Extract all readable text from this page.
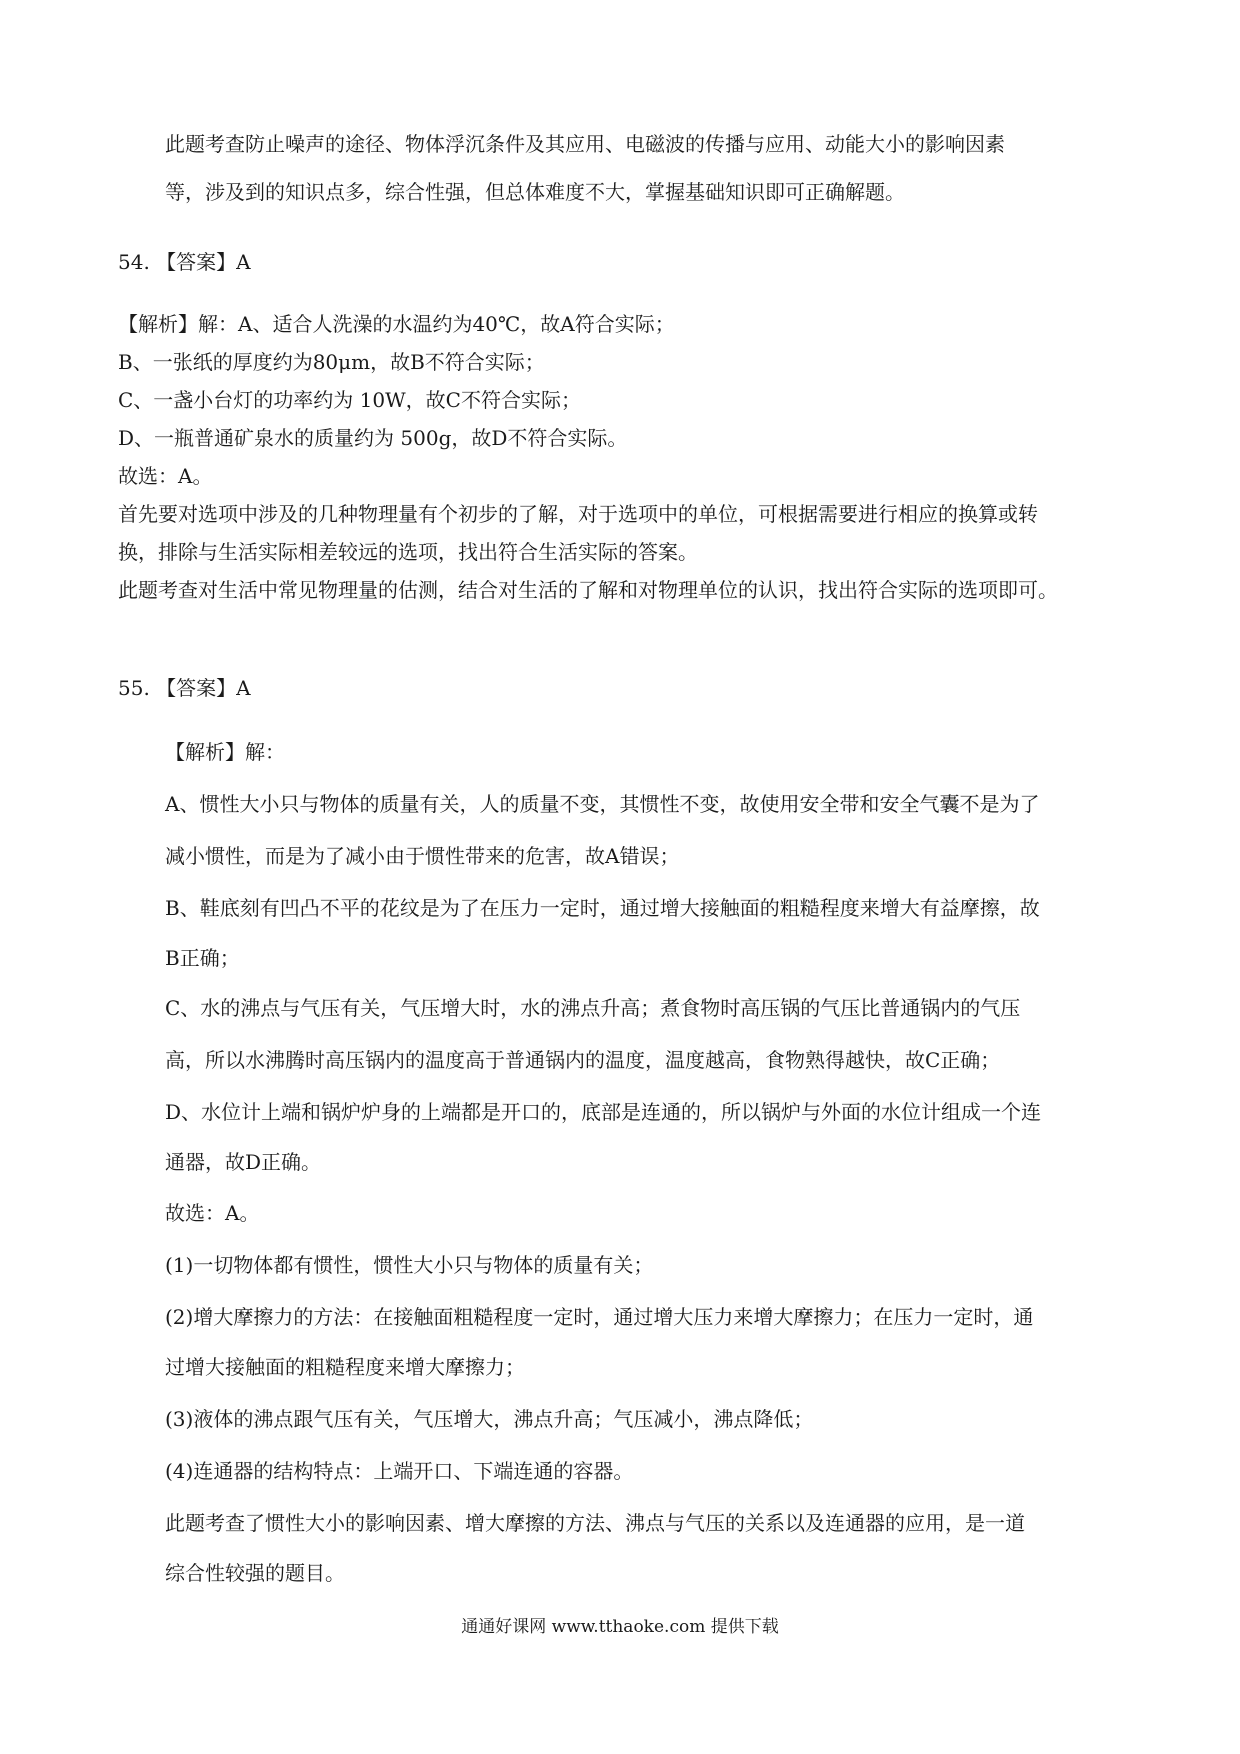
此题考查防止噪声的途径、物体浮沉条件及其应用、电磁波的传播与应用、动能大小的影响因素
等，涉及到的知识点多，综合性强，但总体难度不大，掌握基础知识即可正确解题。
54. 【答案】A
【解析】解：A、适合人洗澡的水温约为40℃，故A符合实际；
B、一张纸的厚度约为80μm，故B不符合实际；
C、一盏小台灯的功率约为 10W，故C不符合实际；
D、一瓶普通矿泉水的质量约为 500g，故D不符合实际。
故选：A。
首先要对选项中涉及的几种物理量有个初步的了解，对于选项中的单位，可根据需要进行相应的换算或转
换，排除与生活实际相差较远的选项，找出符合生活实际的答案。
此题考查对生活中常见物理量的估测，结合对生活的了解和对物理单位的认识，找出符合实际的选项即可。
55. 【答案】A
【解析】解：
A、惯性大小只与物体的质量有关，人的质量不变，其惯性不变，故使用安全带和安全气囊不是为了
减小惯性，而是为了减小由于惯性带来的危害，故A错误；
B、鞋底刻有凹凸不平的花纹是为了在压力一定时，通过增大接触面的粗糙程度来增大有益摩擦，故
B正确；
C、水的沸点与气压有关，气压增大时，水的沸点升高；煮食物时高压锅的气压比普通锅内的气压
高，所以水沸腾时高压锅内的温度高于普通锅内的温度，温度越高，食物熟得越快，故C正确；
D、水位计上端和锅炉炉身的上端都是开口的，底部是连通的，所以锅炉与外面的水位计组成一个连
通器，故D正确。
故选：A。
(1)一切物体都有惯性，惯性大小只与物体的质量有关；
(2)增大摩擦力的方法：在接触面粗糙程度一定时，通过增大压力来增大摩擦力；在压力一定时，通
过增大接触面的粗糙程度来增大摩擦力；
(3)液体的沸点跟气压有关，气压增大，沸点升高；气压减小，沸点降低；
(4)连通器的结构特点：上端开口、下端连通的容器。
此题考查了惯性大小的影响因素、增大摩擦的方法、沸点与气压的关系以及连通器的应用，是一道
综合性较强的题目。
通通好课网 www.tthaoke.com 提供下载
